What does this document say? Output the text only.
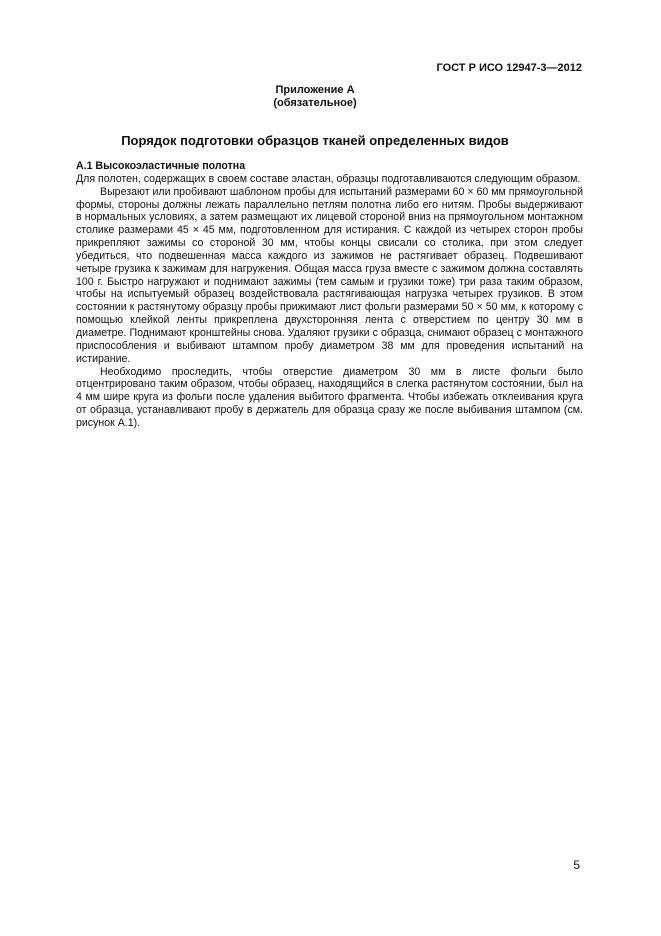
ГОСТ Р ИСО 12947-3—2012
Приложение А
(обязательное)
Порядок подготовки образцов тканей определенных видов

А.1 Высокоэластичные полотна

Для полотен, содержащих в своем составе эластан, образцы подготавливаются следующим образом.

Вырезают или пробивают шаблоном пробы для испытаний размерами 60 × 60 мм прямоугольной формы, стороны должны лежать параллельно петлям полотна либо его нитям. Пробы выдерживают в нормальных условиях, а затем размещают их лицевой стороной вниз на прямоугольном монтажном столике размерами 45 × 45 мм, подготовленном для истирания. С каждой из четырех сторон пробы прикрепляют зажимы со стороной 30 мм, чтобы концы свисали со столика, при этом следует убедиться, что подвешенная масса каждого из зажимов не растягивает образец. Подвешивают четыре грузика к зажимам для нагружения. Общая масса груза вместе с зажимом должна составлять 100 г. Быстро нагружают и поднимают зажимы (тем самым и грузики тоже) три раза таким образом, чтобы на испытуемый образец воздействовала растягивающая нагрузка четырех грузиков. В этом состоянии к растянутому образцу пробы прижимают лист фольги размерами 50 × 50 мм, к которому с помощью клейкой ленты прикреплена двухсторонняя лента с отверстием по центру 30 мм в диаметре. Поднимают кронштейны снова. Удаляют грузики с образца, снимают образец с монтажного приспособления и выбивают штампом пробу диаметром 38 мм для проведения испытаний на истирание.

Необходимо проследить, чтобы отверстие диаметром 30 мм в листе фольги было отцентрировано таким образом, чтобы образец, находящийся в слегка растянутом состоянии, был на 4 мм шире круга из фольги после удаления выбитого фрагмента. Чтобы избежать отклеивания круга от образца, устанавливают пробу в держатель для образца сразу же после выбивания штампом (см. рисунок А.1).

5
